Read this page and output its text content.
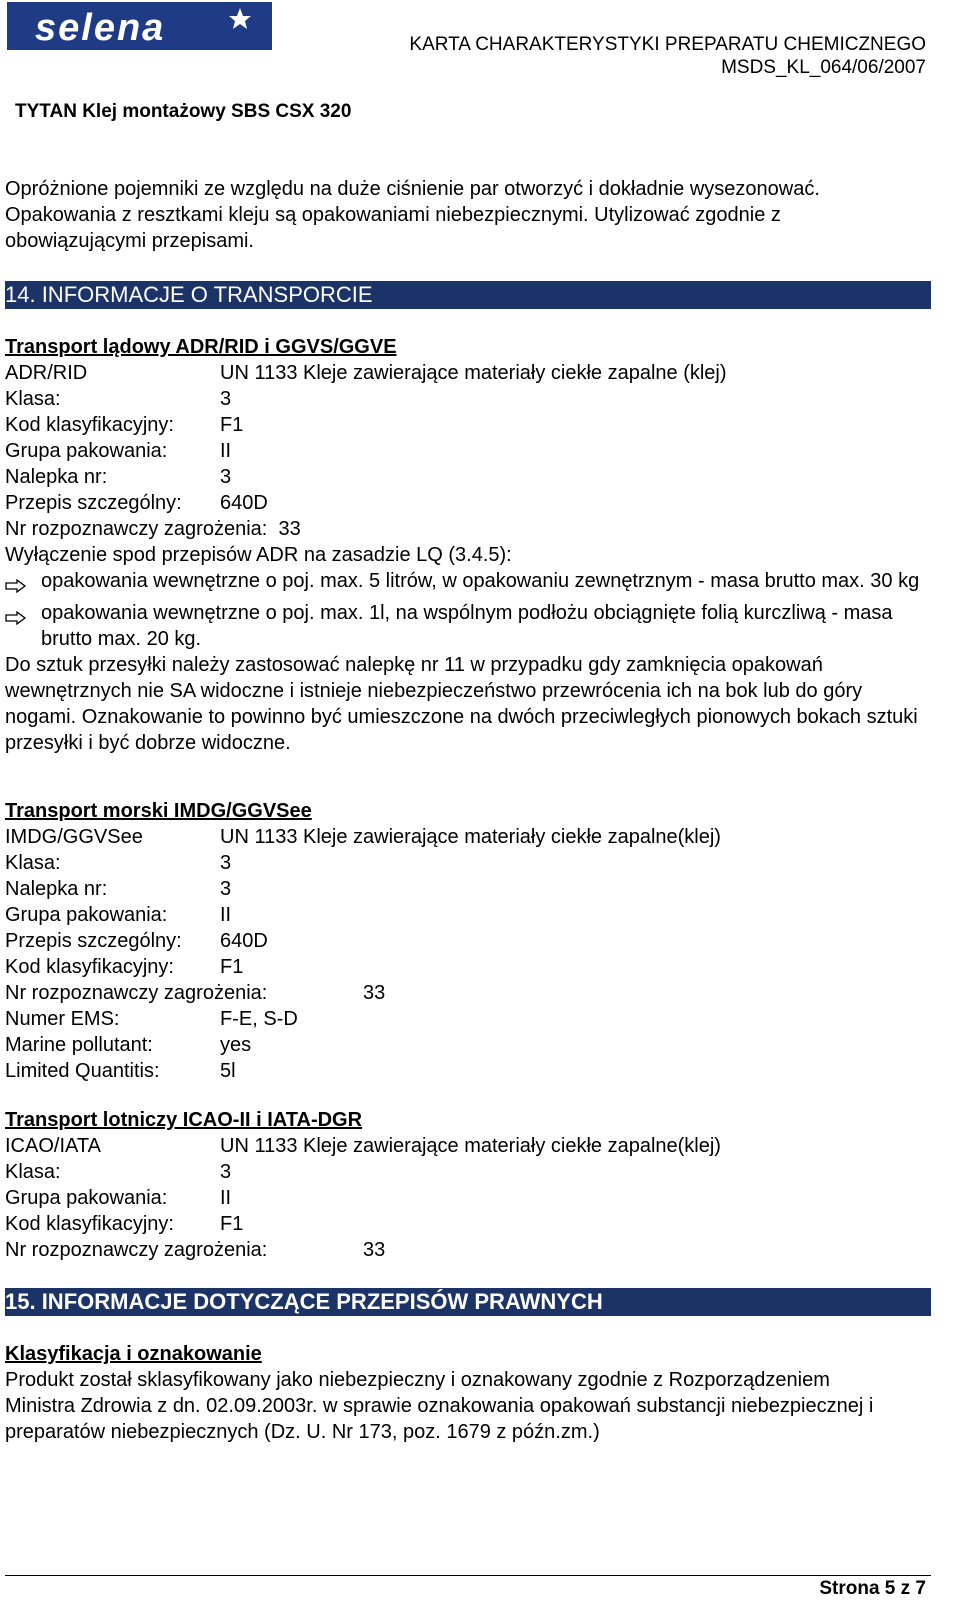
selena	KARTA CHARAKTERYSTYKI PREPARATU CHEMICZNEGO
MSDS_KL_064/06/2007
TYTAN Klej montażowy SBS CSX 320

Opróżnione pojemniki ze względu na duże ciśnienie par otworzyć i dokładnie wysezonować.

Opakowania z resztkami kleju są opakowaniami niebezpiecznymi. Utylizować zgodnie z

obowiązującymi przepisami.

14. INFORMACJE O TRANSPORCIE

Transport lądowy ADR/RID i GGVS/GGVE

ADR/RID	UN 1133 Kleje zawierające materiały ciekłe zapalne (klej)
Klasa:	3
Kod klasyfikacyjny:	F1
Grupa pakowania:	II
Nalepka nr:	3
Przepis szczególny:	640D

Nr rozpoznawczy zagrożenia:  33

Wyłączenie spod przepisów ADR na zasadzie LQ (3.4.5):

opakowania wewnętrzne o poj. max. 5 litrów, w opakowaniu zewnętrznym - masa brutto max. 30 kg
opakowania wewnętrzne o poj. max. 1l, na wspólnym podłożu obciągnięte folią kurczliwą - masa brutto max. 20 kg.

Do sztuk przesyłki należy zastosować nalepkę nr 11 w przypadku gdy zamknięcia opakowań wewnętrznych nie SA widoczne i istnieje niebezpieczeństwo przewrócenia ich na bok lub do góry nogami. Oznakowanie to powinno być umieszczone na dwóch przeciwległych pionowych bokach sztuki przesyłki i być dobrze widoczne.

Transport morski IMDG/GGVSee

IMDG/GGVSee	UN 1133 Kleje zawierające materiały ciekłe zapalne(klej)
Klasa:	3
Nalepka nr:	3
Grupa pakowania:	II
Przepis szczególny:	640D
Kod klasyfikacyjny:	F1
Nr rozpoznawczy zagrożenia:	33
Numer EMS:	F-E, S-D
Marine pollutant:	yes
Limited Quantitis:	5l

Transport lotniczy ICAO-II i IATA-DGR

ICAO/IATA	UN 1133 Kleje zawierające materiały ciekłe zapalne(klej)
Klasa:	3
Grupa pakowania:	II
Kod klasyfikacyjny:	F1
Nr rozpoznawczy zagrożenia:	33
15. INFORMACJE DOTYCZĄCE PRZEPISÓW PRAWNYCH

Klasyfikacja i oznakowanie

Produkt został sklasyfikowany jako niebezpieczny i oznakowany zgodnie z Rozporządzeniem Ministra Zdrowia z dn. 02.09.2003r. w sprawie oznakowania opakowań substancji niebezpiecznej i preparatów niebezpiecznych (Dz. U. Nr 173, poz. 1679 z późn.zm.)

Strona 5 z 7
